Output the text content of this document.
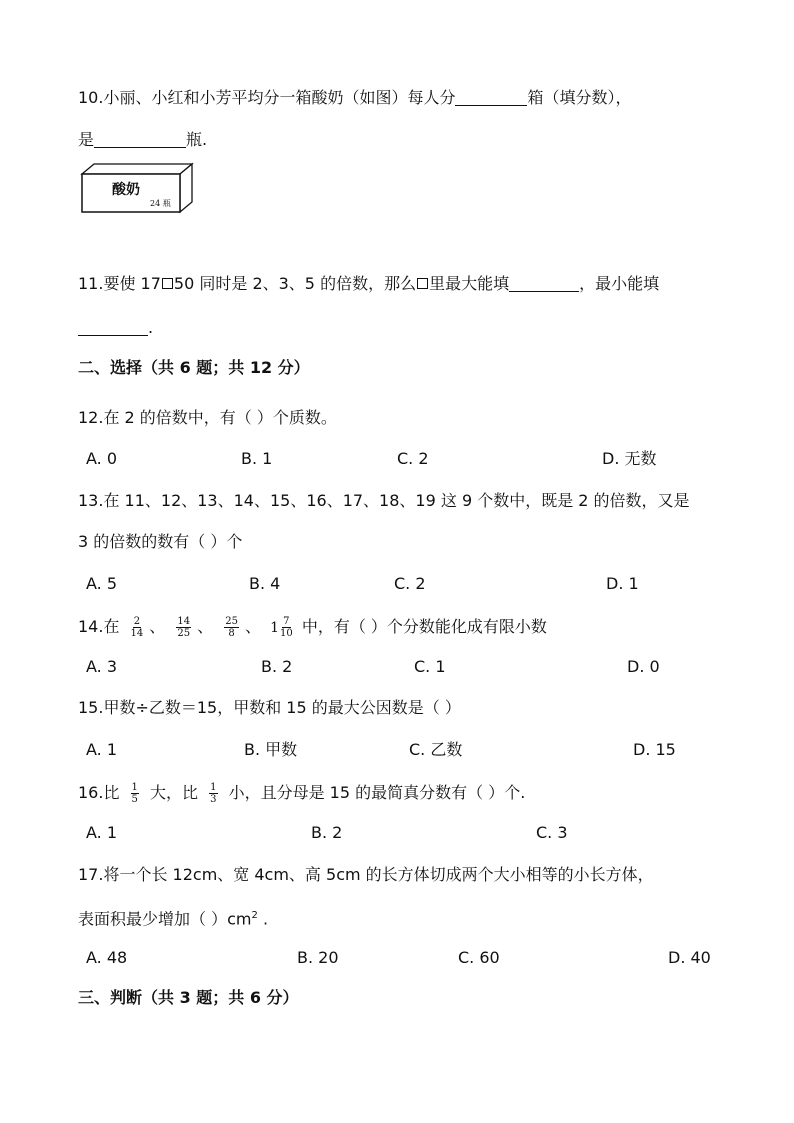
10.小丽、小红和小芳平均分一箱酸奶（如图）每人分	箱（填分数），
是	瓶.
酸奶
24 瓶
11.要使 17 50 同时是 2、3、5 的倍数，那么 里最大能填	，最小能填
.
二、选择（共 6 题；共 12 分）
12.在 2 的倍数中，有（ ）个质数。
A. 0	B. 1	C. 2	D. 无数
13.在 11、12、13、14、15、16、17、18、19 这 9 个数中，既是 2 的倍数，又是
3 的倍数的数有（ ）个
A. 5	B. 4	C. 2	D. 1
14.在 $\frac{2}{14}$ 、 $\frac{14}{25}$ 、 $\frac{25}{8}$ 、 $1 \frac{7}{10}$ 中，有（ ）个分数能化成有限小数
A. 3	B. 2	C. 1	D. 0
15.甲数÷乙数＝15，甲数和 15 的最大公因数是（ ）
A. 1	B. 甲数	C. 乙数	D. 15
16.比 $\frac{1}{5}$ 大，比 $\frac{1}{3}$ 小，且分母是 15 的最简真分数有（ ）个.
A. 1	B. 2	C. 3
17.将一个长 12cm、宽 4cm、高 5cm 的长方体切成两个大小相等的小长方体，
表面积最少增加（ ）$cm^2$ .
A. 48	B. 20	C. 60	D. 40
三、判断（共 3 题；共 6 分）
